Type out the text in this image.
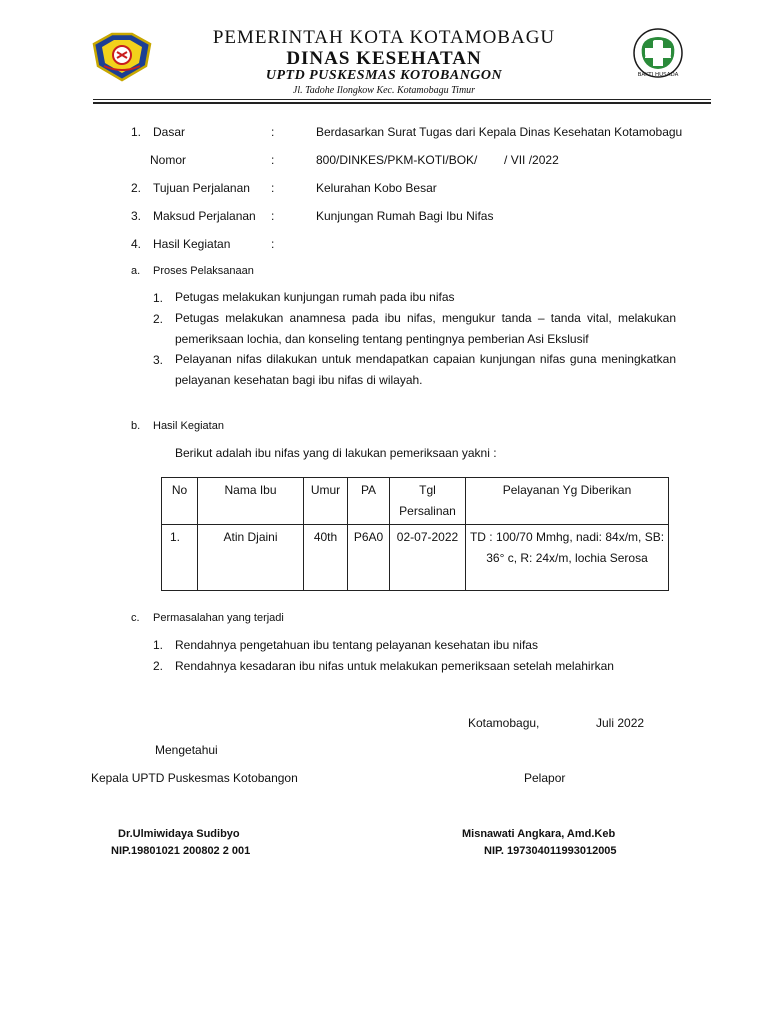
BAKTI HUSADA
PEMERINTAH KOTA KOTAMOBAGU
DINAS KESEHATAN
UPTD PUSKESMAS KOTOBANGON
Jl. Tadohe Ilongkow Kec. Kotamobagu Timur
1. Dasar	:	Berdasarkan Surat Tugas dari Kepala Dinas Kesehatan Kotamobagu
Nomor	:	800/DINKES/PKM-KOTI/BOK/        / VII /2022
2. Tujuan Perjalanan :	Kelurahan Kobo Besar
3. Maksud Perjalanan :	Kunjungan Rumah Bagi Ibu Nifas
4. Hasil Kegiatan	:
a. Proses Pelaksanaan
1. Petugas melakukan kunjungan rumah pada ibu nifas
2. Petugas melakukan anamnesa pada ibu nifas, mengukur tanda – tanda vital, melakukan pemeriksaan lochia, dan konseling tentang pentingnya pemberian Asi Ekslusif
3. Pelayanan nifas dilakukan untuk mendapatkan capaian kunjungan nifas guna meningkatkan pelayanan kesehatan bagi ibu nifas di wilayah.
b. Hasil Kegiatan
Berikut adalah ibu nifas yang di lakukan pemeriksaan yakni :
No	Nama Ibu	Umur	PA	Tgl Persalinan	Pelayanan Yg Diberikan
1.	Atin Djaini	40th	P6A0	02-07-2022	TD : 100/70 Mmhg, nadi: 84x/m, SB: 36° c, R: 24x/m, lochia Serosa
c. Permasalahan yang terjadi
1. Rendahnya pengetahuan ibu tentang pelayanan kesehatan ibu nifas
2. Rendahnya kesadaran ibu nifas untuk melakukan pemeriksaan setelah melahirkan
Kotamobagu,	Juli 2022
Mengetahui
Kepala UPTD Puskesmas Kotobangon	Pelapor
Dr.Ulmiwidaya Sudibyo
NIP.19801021 200802 2 001
Misnawati Angkara, Amd.Keb
NIP. 197304011993012005
